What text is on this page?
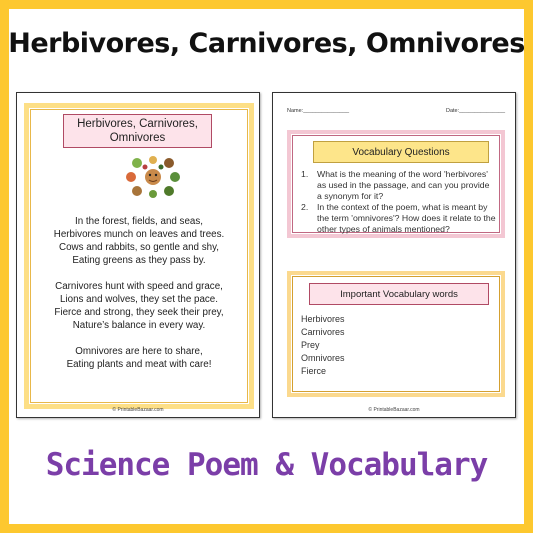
Herbivores, Carnivores, Omnivores
Herbivores, Carnivores, Omnivores
In the forest, fields, and seas,
Herbivores munch on leaves and trees.
Cows and rabbits, so gentle and shy,
Eating greens as they pass by.
Carnivores hunt with speed and grace,
Lions and wolves, they set the pace.
Fierce and strong, they seek their prey,
Nature’s balance in every way.
Omnivores are here to share,
Eating plants and meat with care!
© PrintableBazaar.com
Name:_______________	Date:_______________
Vocabulary Questions
1. What is the meaning of the word 'herbivores' as used in the passage, and can you provide a synonym for it?
2. In the context of the poem, what is meant by the term 'omnivores'? How does it relate to the other types of animals mentioned?
Important Vocabulary words
Herbivores
Carnivores
Prey
Omnivores
Fierce
© PrintableBazaar.com
Science Poem & Vocabulary
